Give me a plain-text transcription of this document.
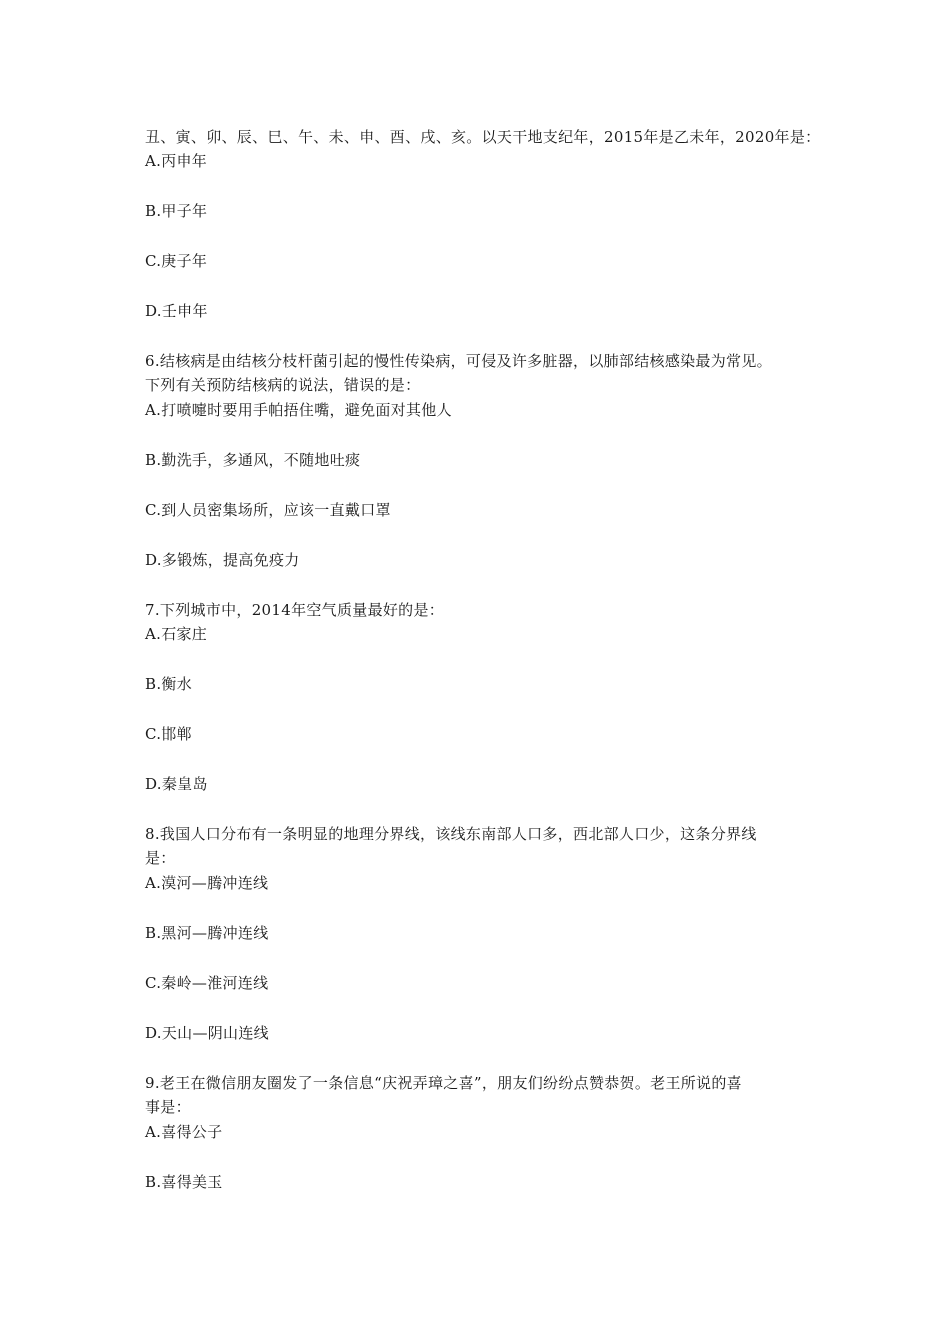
丑、寅、卯、辰、巳、午、未、申、酉、戌、亥。以天干地支纪年，2015年是乙未年，2020年是：
A.丙申年
B.甲子年
C.庚子年
D.壬申年
6.结核病是由结核分枝杆菌引起的慢性传染病，可侵及许多脏器，以肺部结核感染最为常见。
下列有关预防结核病的说法，错误的是：
A.打喷嚏时要用手帕捂住嘴，避免面对其他人
B.勤洗手，多通风，不随地吐痰
C.到人员密集场所，应该一直戴口罩
D.多锻炼，提高免疫力
7.下列城市中，2014年空气质量最好的是：
A.石家庄
B.衡水
C.邯郸
D.秦皇岛
8.我国人口分布有一条明显的地理分界线，该线东南部人口多，西北部人口少，这条分界线
是：
A.漠河—腾冲连线
B.黑河—腾冲连线
C.秦岭—淮河连线
D.天山—阴山连线
9.老王在微信朋友圈发了一条信息“庆祝弄璋之喜”，朋友们纷纷点赞恭贺。老王所说的喜
事是：
A.喜得公子
B.喜得美玉
